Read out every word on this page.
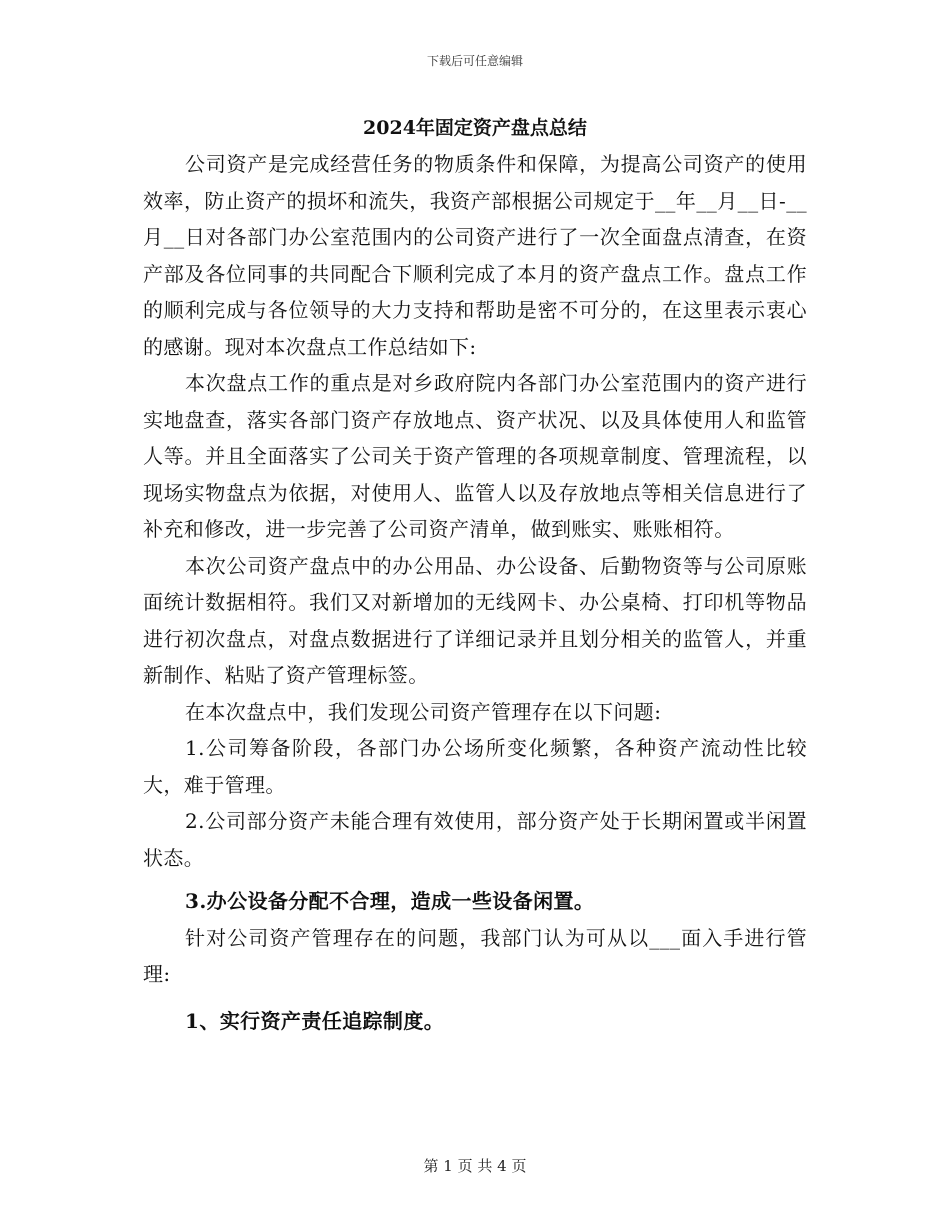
下载后可任意编辑
2024年固定资产盘点总结

公司资产是完成经营任务的物质条件和保障，为提高公司资产的使用效率，防止资产的损坏和流失，我资产部根据公司规定于__年__月__日-__月__日对各部门办公室范围内的公司资产进行了一次全面盘点清查，在资产部及各位同事的共同配合下顺利完成了本月的资产盘点工作。盘点工作的顺利完成与各位领导的大力支持和帮助是密不可分的，在这里表示衷心的感谢。现对本次盘点工作总结如下:

本次盘点工作的重点是对乡政府院内各部门办公室范围内的资产进行实地盘查，落实各部门资产存放地点、资产状况、以及具体使用人和监管人等。并且全面落实了公司关于资产管理的各项规章制度、管理流程，以现场实物盘点为依据，对使用人、监管人以及存放地点等相关信息进行了补充和修改，进一步完善了公司资产清单，做到账实、账账相符。

本次公司资产盘点中的办公用品、办公设备、后勤物资等与公司原账面统计数据相符。我们又对新增加的无线网卡、办公桌椅、打印机等物品进行初次盘点，对盘点数据进行了详细记录并且划分相关的监管人，并重新制作、粘贴了资产管理标签。

在本次盘点中，我们发现公司资产管理存在以下问题:

1.公司筹备阶段，各部门办公场所变化频繁，各种资产流动性比较大，难于管理。

2.公司部分资产未能合理有效使用，部分资产处于长期闲置或半闲置状态。

3.办公设备分配不合理，造成一些设备闲置。

针对公司资产管理存在的问题，我部门认为可从以___面入手进行管理:

1、实行资产责任追踪制度。

第 1 页 共 4 页
